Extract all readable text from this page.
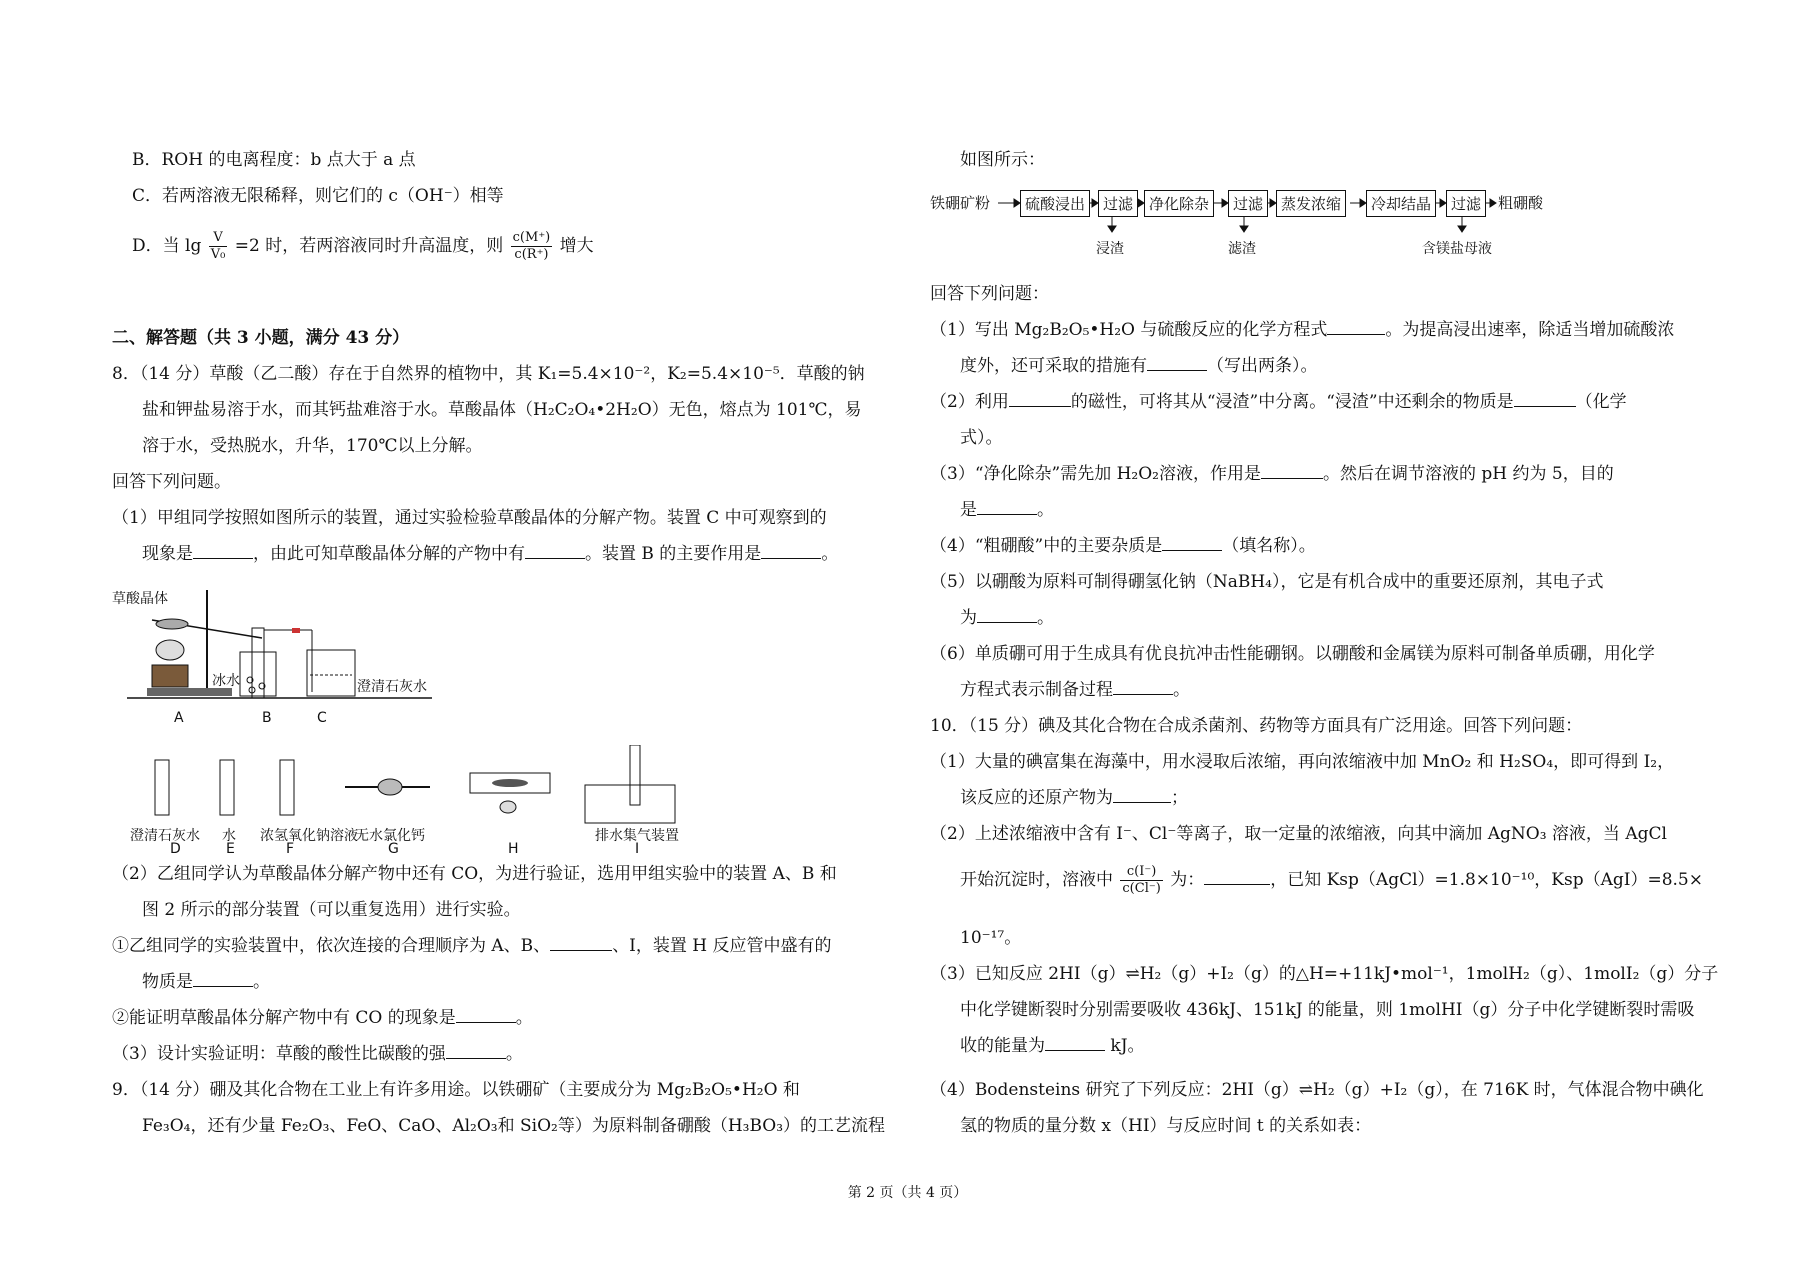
B．ROH 的电离程度：b 点大于 a 点
C．若两溶液无限稀释，则它们的 c（OH⁻）相等
D．当 $\lg \frac{V}{\text{V₀}} =2$ 时，若两溶液同时升高温度，则 $\frac{c(M^+)}{c(R^+)}$ 增大
二、解答题（共 3 小题，满分 43 分）
8．（14 分）草酸（乙二酸）存在于自然界的植物中，其 K₁=5.4×10⁻²，K₂=5.4×10⁻⁵．草酸的钠
盐和钾盐易溶于水，而其钙盐难溶于水。草酸晶体（H₂C₂O₄•2H₂O）无色，熔点为 101℃，易
溶于水，受热脱水，升华，170℃以上分解。
回答下列问题。
（1）甲组同学按照如图所示的装置，通过实验检验草酸晶体的分解产物。装置 C 中可观察到的
现象是	，由此可知草酸晶体分解的产物中有	。装置 B 的主要作用是	。
草酸晶体
冰水	澄清石灰水
A	B	C
澄清石灰水 水 浓氢氧化钠溶液
无水氯化钙	排水集气装置
D	E	F	G	H	I
（2）乙组同学认为草酸晶体分解产物中还有 CO，为进行验证，选用甲组实验中的装置 A、B 和
图 2 所示的部分装置（可以重复选用）进行实验。
①乙组同学的实验装置中，依次连接的合理顺序为 A、B、	、I，装置 H 反应管中盛有的
物质是	。
②能证明草酸晶体分解产物中有 CO 的现象是	。
（3）设计实验证明：草酸的酸性比碳酸的强	。
9．（14 分）硼及其化合物在工业上有许多用途。以铁硼矿（主要成分为 Mg₂B₂O₅•H₂O 和
Fe₃O₄，还有少量 Fe₂O₃、FeO、CaO、Al₂O₃和 SiO₂等）为原料制备硼酸（H₃BO₃）的工艺流程
如图所示：
铁硼矿粉	硫酸浸出	过滤	净化除杂	过滤	蒸发浓缩	冷却结晶	过滤	粗硼酸
浸渣	滤渣	含镁盐母液
回答下列问题：
（1）写出 Mg₂B₂O₅•H₂O 与硫酸反应的化学方程式	。为提高浸出速率，除适当增加硫酸浓
度外，还可采取的措施有	（写出两条）。
（2）利用	的磁性，可将其从“浸渣”中分离。“浸渣”中还剩余的物质是	（化学
式）。
（3）“净化除杂”需先加 H₂O₂溶液，作用是	。然后在调节溶液的 pH 约为 5，目的
是	。
（4）“粗硼酸”中的主要杂质是	（填名称）。
（5）以硼酸为原料可制得硼氢化钠（NaBH₄），它是有机合成中的重要还原剂，其电子式
为	。
（6）单质硼可用于生成具有优良抗冲击性能硼钢。以硼酸和金属镁为原料可制备单质硼，用化学
方程式表示制备过程	。
10．（15 分）碘及其化合物在合成杀菌剂、药物等方面具有广泛用途。回答下列问题：
（1）大量的碘富集在海藻中，用水浸取后浓缩，再向浓缩液中加 MnO₂ 和 H₂SO₄，即可得到 I₂，
该反应的还原产物为	；
（2）上述浓缩液中含有 I⁻、Cl⁻等离子，取一定量的浓缩液，向其中滴加 AgNO₃ 溶液，当 AgCl
开始沉淀时，溶液中 $\frac{c(I^-)}{c(Cl^-)}$ 为：	，已知 Ksp（AgCl）=1.8×10⁻¹⁰，Ksp（AgI）=8.5×
10⁻¹⁷。
（3）已知反应 2HI（g）⇌H₂（g）+I₂（g）的△H=+11kJ•mol⁻¹，1molH₂（g）、1molI₂（g）分子
中化学键断裂时分别需要吸收 436kJ、151kJ 的能量，则 1molHI（g）分子中化学键断裂时需吸
收的能量为	kJ。
（4）Bodensteins 研究了下列反应：2HI（g）⇌H₂（g）+I₂（g），在 716K 时，气体混合物中碘化
氢的物质的量分数 x（HI）与反应时间 t 的关系如表：
第 2 页（共 4 页）
